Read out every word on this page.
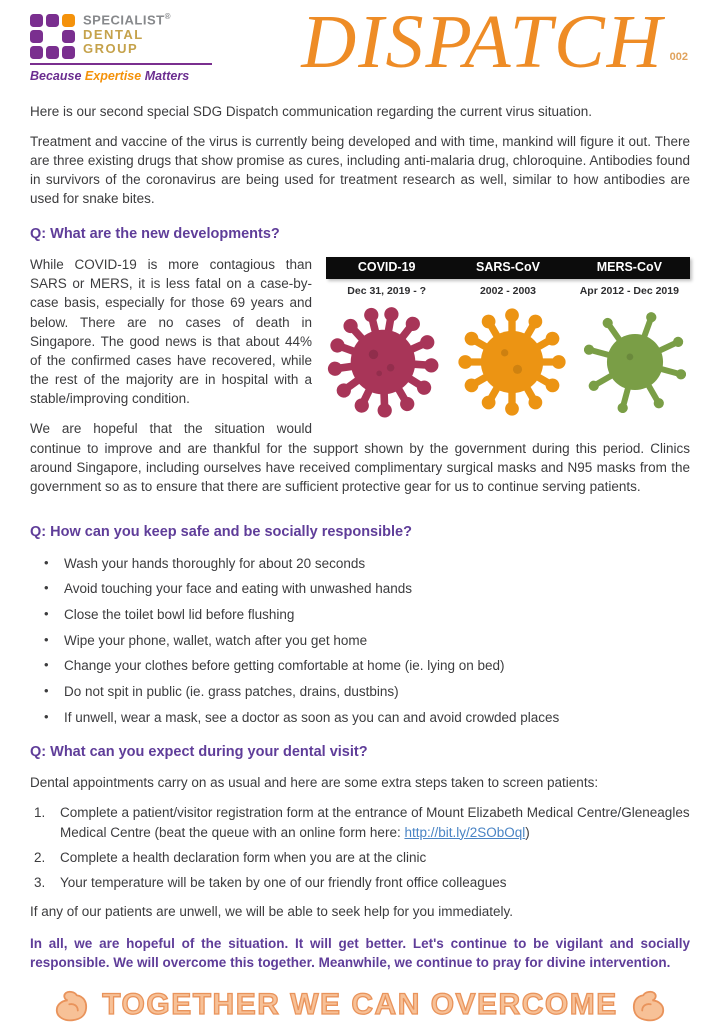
SPECIALIST®
DENTAL
GROUP
Because Expertise Matters	DISPATCH 002

Here is our second special SDG Dispatch communication regarding the current virus situation.

Treatment and vaccine of the virus is currently being developed and with time, mankind will figure it out. There are three existing drugs that show promise as cures, including anti-malaria drug, chloroquine. Antibodies found in survivors of the coronavirus are being used for treatment research as well, similar to how antibodies are used for snake bites.

Q: What are the new developments?
COVID-19	SARS-CoV	MERS-CoV
Dec 31, 2019 - ?	2002 - 2003	Apr 2012 - Dec 2019

While COVID-19 is more contagious than SARS or MERS, it is less fatal on a case-by-case basis, especially for those 69 years and below. There are no cases of death in Singapore. The good news is that about 44% of the confirmed cases have recovered, while the rest of the majority are in hospital with a stable/improving condition.

We are hopeful that the situation would continue to improve and are thankful for the support shown by the government during this period. Clinics around Singapore, including ourselves have received complimentary surgical masks and N95 masks from the government so as to ensure that there are sufficient protective gear for us to continue serving patients.

Q: How can you keep safe and be socially responsible?
•	Wash your hands thoroughly for about 20 seconds
•	Avoid touching your face and eating with unwashed hands
•	Close the toilet bowl lid before flushing
•	Wipe your phone, wallet, watch after you get home
•	Change your clothes before getting comfortable at home (ie. lying on bed)
•	Do not spit in public (ie. grass patches, drains, dustbins)
•	If unwell, wear a mask, see a doctor as soon as you can and avoid crowded places
Q: What can you expect during your dental visit?

Dental appointments carry on as usual and here are some extra steps taken to screen patients:

1.	Complete a patient/visitor registration form at the entrance of Mount Elizabeth Medical Centre/Gleneagles Medical Centre (beat the queue with an online form here: http://bit.ly/2SObOql)
2.	Complete a health declaration form when you are at the clinic
3.	Your temperature will be taken by one of our friendly front office colleagues

If any of our patients are unwell, we will be able to seek help for you immediately.

In all, we are hopeful of the situation. It will get better. Let's continue to be vigilant and socially responsible. We will overcome this together. Meanwhile, we continue to pray for divine intervention.

TOGETHER WE CAN OVERCOME
